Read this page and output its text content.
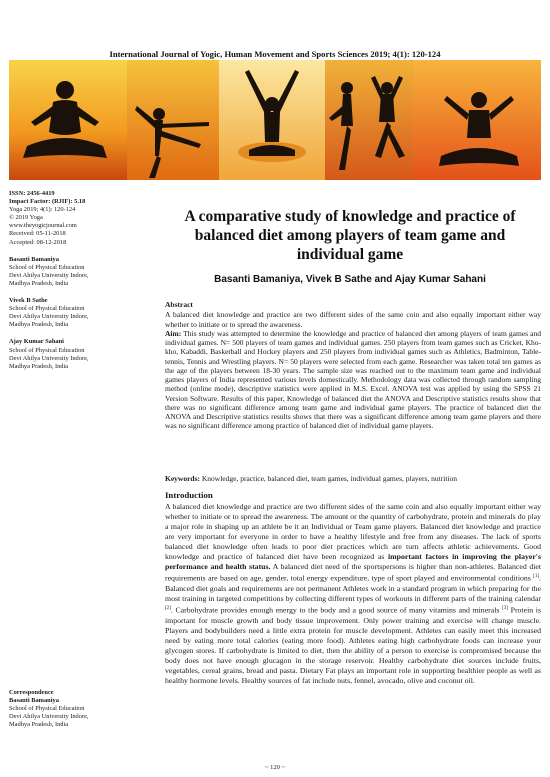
International Journal of Yogic, Human Movement and Sports Sciences 2019; 4(1): 120-124
ISSN: 2456-4419
Impact Factor: (RJIF): 5.18
Yoga 2019; 4(1): 120-124
© 2019 Yoga
www.theyogicjournal.com
Received: 05-11-2018
Accepted: 08-12-2018
Basanti Bamaniya
School of Physical Education
Devi Ahilya University Indore,
Madhya Pradesh, India
Vivek B Sathe
School of Physical Education
Devi Ahilya University Indore,
Madhya Pradesh, India
Ajay Kumar Sahani
School of Physical Education
Devi Ahilya University Indore,
Madhya Pradesh, India
Correspondence
Basanti Bamaniya
School of Physical Education
Devi Ahilya University Indore,
Madhya Pradesh, India
A comparative study of knowledge and practice of balanced diet among players of team game and individual game
Basanti Bamaniya, Vivek B Sathe and Ajay Kumar Sahani
Abstract
A balanced diet knowledge and practice are two different sides of the same coin and also equally important either way whether to initiate or to spread the awareness.
Aim: This study was attempted to determine the knowledge and practice of balanced diet among players of team games and individual games. N= 500 players of team games and individual games. 250 players from team games such as Cricket, Kho-kho, Kabaddi, Basketball and Hockey players and 250 players from individual games such as Athletics, Badminton, Table-tennis, Tennis and Wrestling players. N= 50 players were selected from each game. Researcher was taken total ten games as the age of the players between 18-30 years. The sample size was reached out to the maximum team game and individual games players of India represented various levels domestically. Methodology data was collected through random sampling method (online mode), descriptive statistics were applied in M.S. Excel. ANOVA test was applied by using the SPSS 21 Version Software. Results of this paper, Knowledge of balanced diet the ANOVA and Descriptive statistics results show that there was no significant difference among team game and individual game players. The practice of balanced diet the ANOVA and Descriptive statistics results shows that there was a significant difference among team game players and there was no significant difference among practice of balanced diet of individual game players.
Keywords: Knowledge, practice, balanced diet, team games, individual games, players, nutrition
Introduction
A balanced diet knowledge and practice are two different sides of the same coin and also equally important either way whether to initiate or to spread the awareness. The amount or the quantity of carbohydrate, protein and minerals do play a major role in shaping up an athlete be it an Individual or Team game players. Balanced diet knowledge and practice are very important for everyone in order to have a healthy lifestyle and free from any diseases. The lack of sports balanced diet knowledge often leads to poor diet practices which are turn affects athletic achievements. Good knowledge and practice of balanced diet have been recognized as important factors in improving the player's performance and health status. A balanced diet need of the sportspersons is higher than non-athletes. Balanced diet requirements are based on age, gender, total energy expenditure, type of sport played and environmental conditions [1]. Balanced diet goals and requirements are not permanent Athletes work in a standard program in which preparing for the most training in targeted competitions by collecting different types of workouts in different parts of the training calendar [2]. Carbohydrate provides enough energy to the body and a good source of many vitamins and minerals [3] Protein is important for muscle growth and body tissue improvement. Only power training and exercise will change muscle. Players and bodybuilders need a little extra protein for muscle development. Athletes can easily meet this increased need by eating more total calories (eating more food). Athletes eating high carbohydrate foods can increase your glycogen stores. If carbohydrate is limited to diet, then the ability of a person to exercise is compromised because the body does not have enough glucagon in the storage reservoir. Healthy carbohydrate diet sources include fruits, vegetables, cereal grains, bread and pasta. Dietary Fat plays an important role in supporting healthier people as well as healthy hormone levels. Healthy sources of fat include nuts, fennel, avocado, olive and coconut oil.
~ 120 ~
